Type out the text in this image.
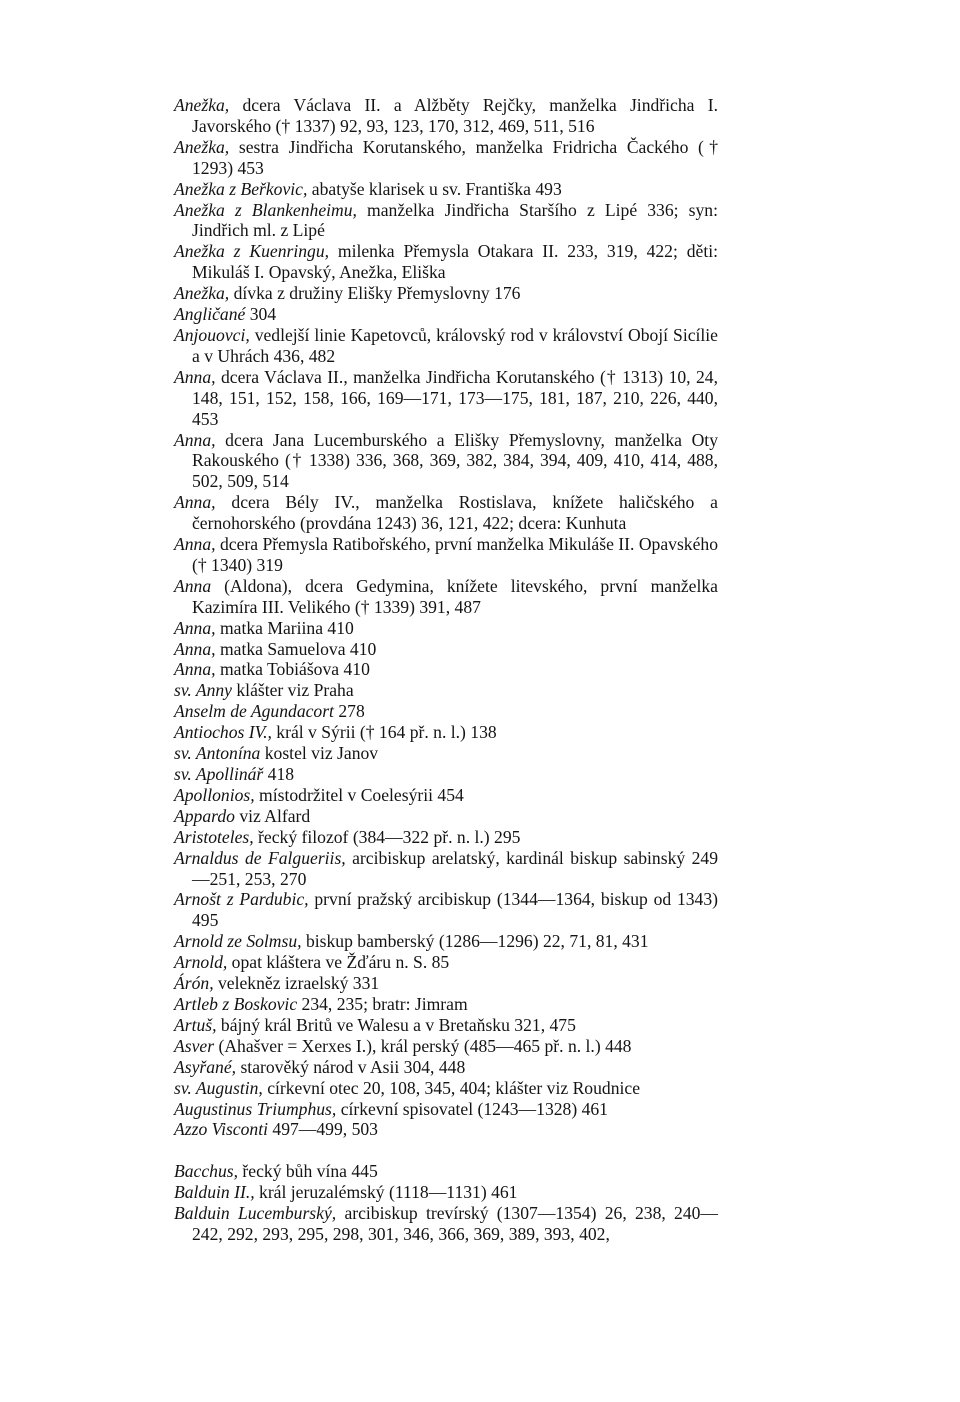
Anežka, dcera Václava II. a Alžběty Rejčky, manželka Jindřicha I. Javorského († 1337) 92, 93, 123, 170, 312, 469, 511, 516
Anežka, sestra Jindřicha Korutanského, manželka Fridricha Čackého († 1293) 453
Anežka z Beřkovic, abatyše klarisek u sv. Františka 493
Anežka z Blankenheimu, manželka Jindřicha Staršího z Lipé 336; syn: Jindřich ml. z Lipé
Anežka z Kuenringu, milenka Přemysla Otakara II. 233, 319, 422; děti: Mikuláš I. Opavský, Anežka, Eliška
Anežka, dívka z družiny Elišky Přemyslovny 176
Angličané 304
Anjouovci, vedlejší linie Kapetovců, královský rod v království Obojí Sicílie a v Uhrách 436, 482
Anna, dcera Václava II., manželka Jindřicha Korutanského († 1313) 10, 24, 148, 151, 152, 158, 166, 169—171, 173—175, 181, 187, 210, 226, 440, 453
Anna, dcera Jana Lucemburského a Elišky Přemyslovny, manželka Oty Rakouského († 1338) 336, 368, 369, 382, 384, 394, 409, 410, 414, 488, 502, 509, 514
Anna, dcera Bély IV., manželka Rostislava, knížete haličského a černohorského (provdána 1243) 36, 121, 422; dcera: Kunhuta
Anna, dcera Přemysla Ratibořského, první manželka Mikuláše II. Opavského († 1340) 319
Anna (Aldona), dcera Gedymina, knížete litevského, první manželka Kazimíra III. Velikého († 1339) 391, 487
Anna, matka Mariina 410
Anna, matka Samuelova 410
Anna, matka Tobiášova 410
sv. Anny klášter viz Praha
Anselm de Agundacort 278
Antiochos IV., král v Sýrii († 164 př. n. l.) 138
sv. Antonína kostel viz Janov
sv. Apollinář 418
Apollonios, místodržitel v Coelesýrii 454
Appardo viz Alfard
Aristoteles, řecký filozof (384—322 př. n. l.) 295
Arnaldus de Falgueriis, arcibiskup arelatský, kardinál biskup sabinský 249—251, 253, 270
Arnošt z Pardubic, první pražský arcibiskup (1344—1364, biskup od 1343) 495
Arnold ze Solmsu, biskup bamberský (1286—1296) 22, 71, 81, 431
Arnold, opat kláštera ve Žďáru n. S. 85
Árón, velekněz izraelský 331
Artleb z Boskovic 234, 235; bratr: Jimram
Artuš, bájný král Britů ve Walesu a v Bretaňsku 321, 475
Asver (Ahašver = Xerxes I.), král perský (485—465 př. n. l.) 448
Asyřané, starověký národ v Asii 304, 448
sv. Augustin, církevní otec 20, 108, 345, 404; klášter viz Roudnice
Augustinus Triumphus, církevní spisovatel (1243—1328) 461
Azzo Visconti 497—499, 503
Bacchus, řecký bůh vína 445
Balduin II., král jeruzalémský (1118—1131) 461
Balduin Lucemburský, arcibiskup trevírský (1307—1354) 26, 238, 240—242, 292, 293, 295, 298, 301, 346, 366, 369, 389, 393, 402,
